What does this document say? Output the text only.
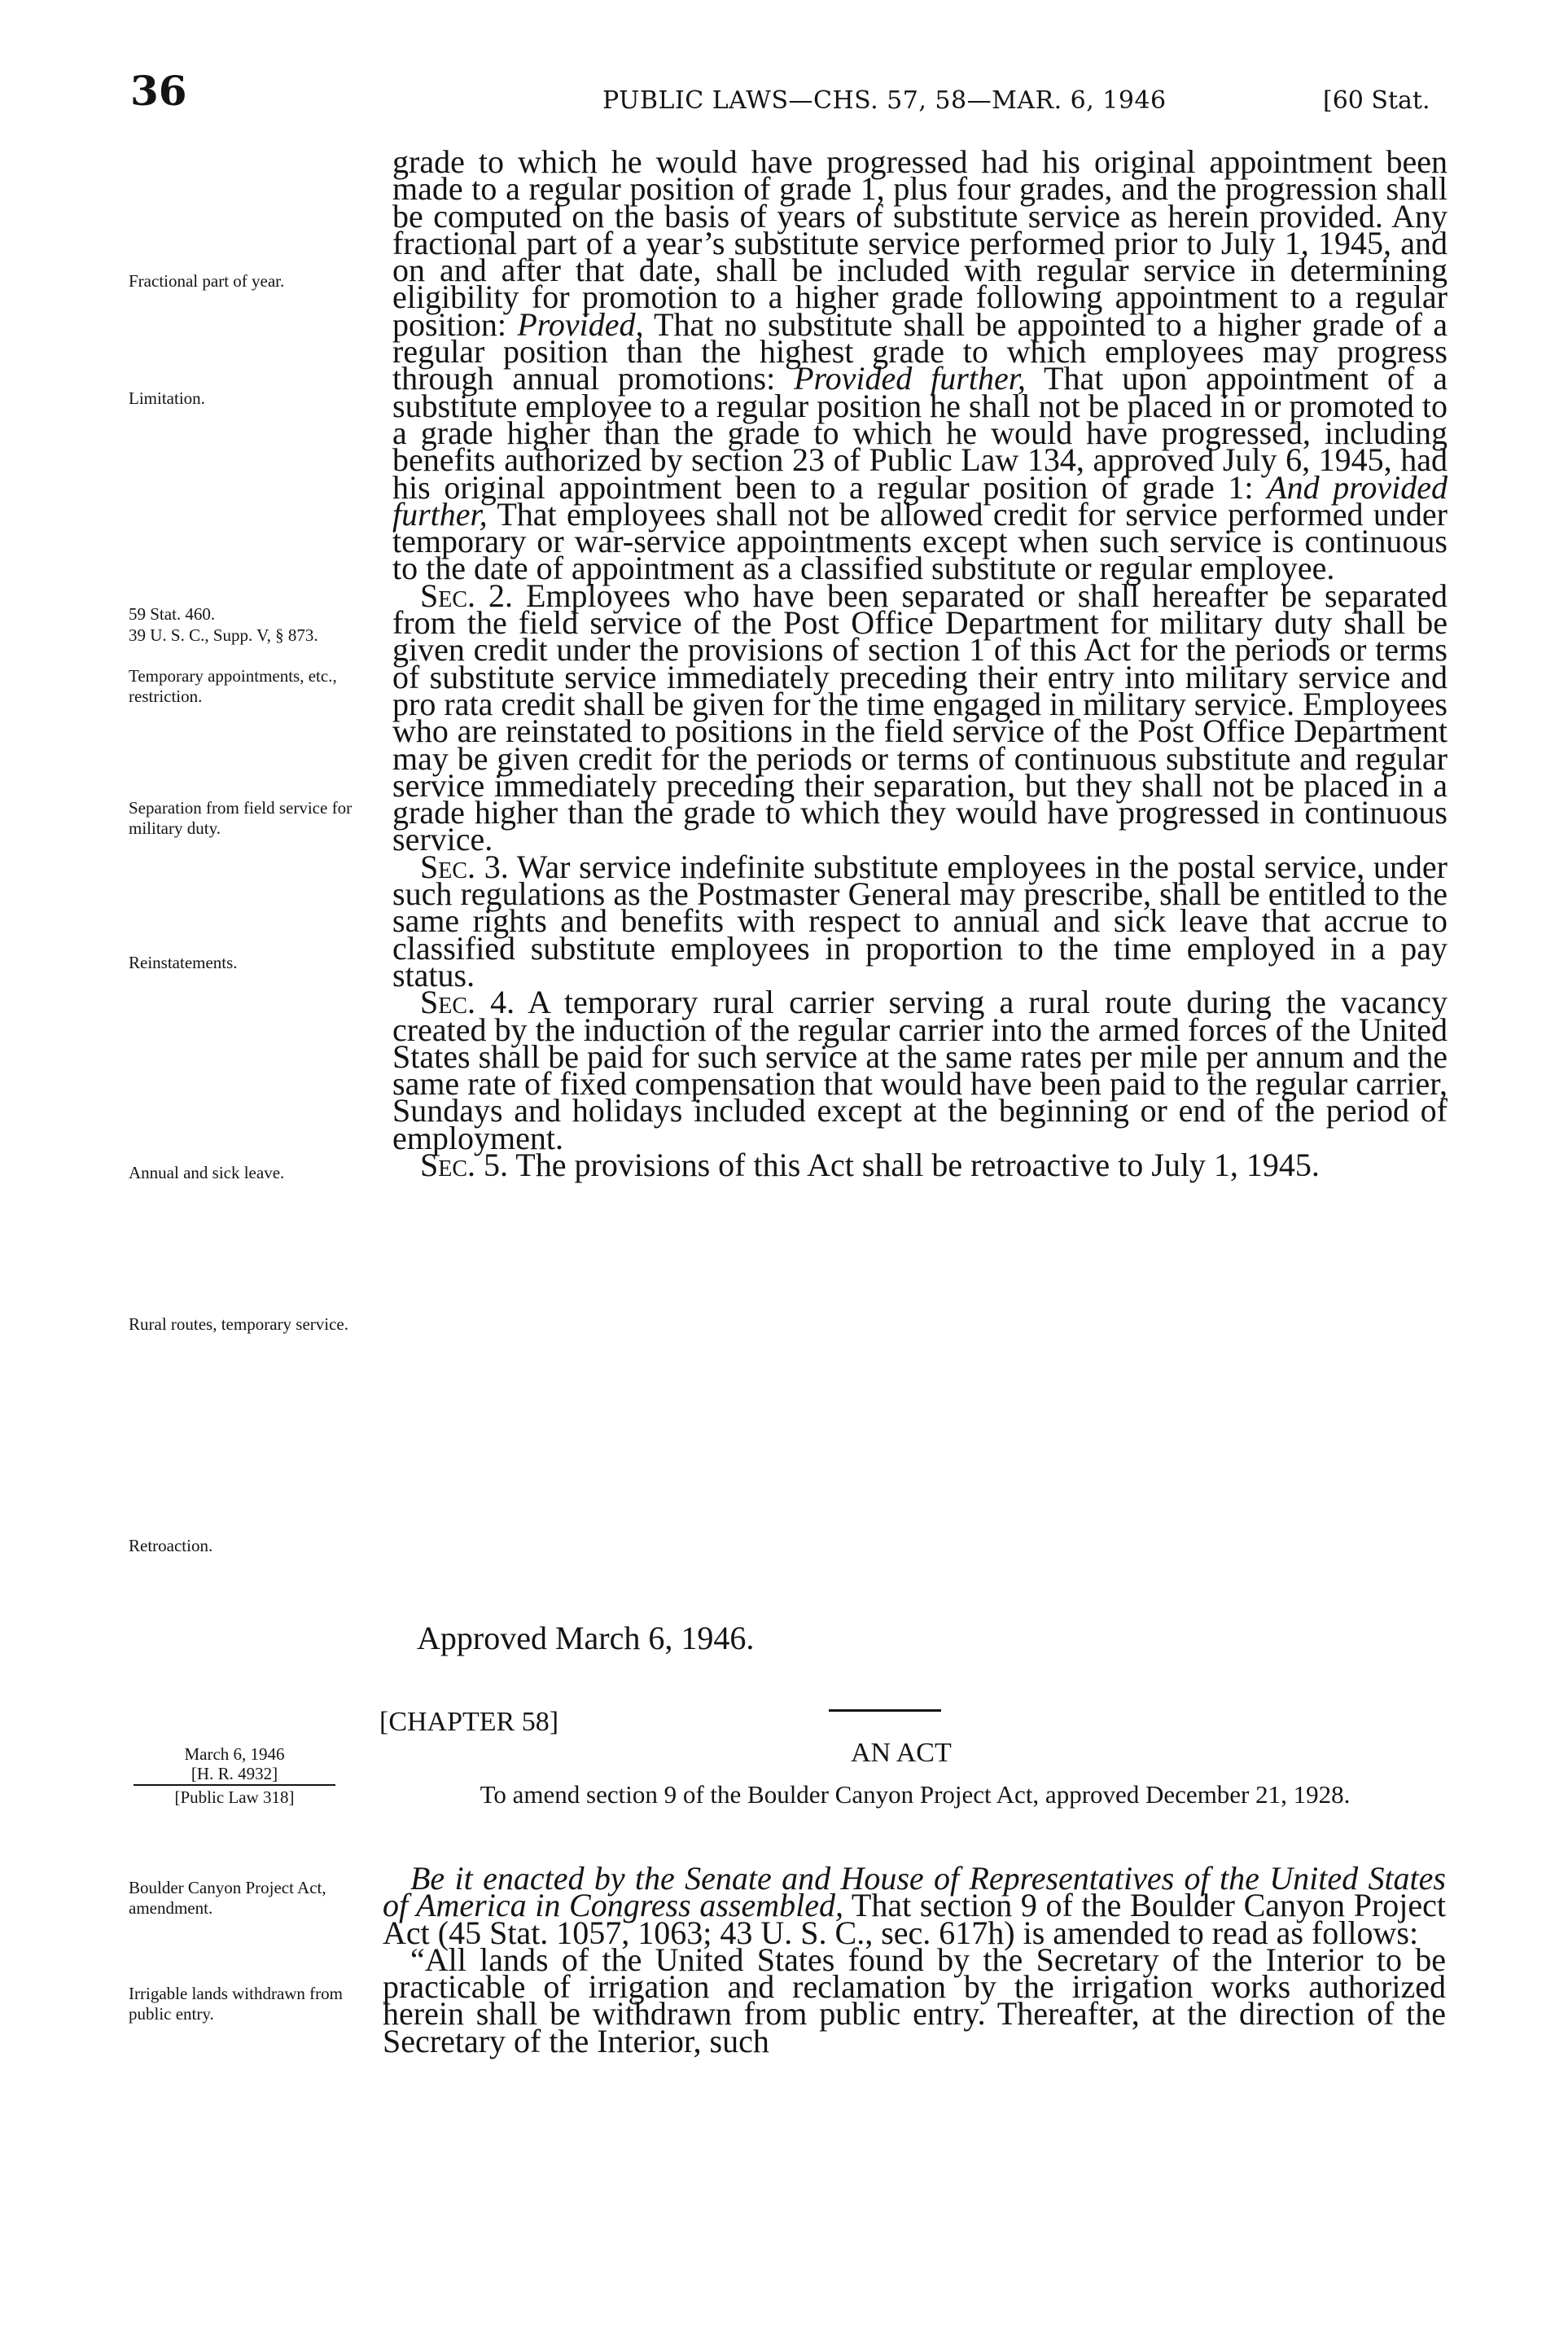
36	PUBLIC LAWS—CHS. 57, 58—MAR. 6, 1946	[60 Stat.
Fractional part of year.
Limitation.
59 Stat. 460.
39 U. S. C., Supp. V, § 873.
Temporary appointments, etc., restriction.
Separation from field service for military duty.
Reinstatements.
Annual and sick leave.
Rural routes, temporary service.
Retroaction.

grade to which he would have progressed had his original appointment been made to a regular position of grade 1, plus four grades, and the progression shall be computed on the basis of years of substitute service as herein provided. Any fractional part of a year’s substitute service performed prior to July 1, 1945, and on and after that date, shall be included with regular service in determining eligibility for promotion to a higher grade following appointment to a regular position: Provided, That no substitute shall be appointed to a higher grade of a regular position than the highest grade to which employees may progress through annual promotions: Provided further, That upon appointment of a substitute employee to a regular position he shall not be placed in or promoted to a grade higher than the grade to which he would have progressed, including benefits authorized by section 23 of Public Law 134, approved July 6, 1945, had his original appointment been to a regular position of grade 1: And provided further, That employees shall not be allowed credit for service performed under temporary or war-service appointments except when such service is continuous to the date of appointment as a classified substitute or regular employee.

Sec. 2. Employees who have been separated or shall hereafter be separated from the field service of the Post Office Department for military duty shall be given credit under the provisions of section 1 of this Act for the periods or terms of substitute service immediately preceding their entry into military service and pro rata credit shall be given for the time engaged in military service. Employees who are reinstated to positions in the field service of the Post Office Department may be given credit for the periods or terms of continuous substitute and regular service immediately preceding their separation, but they shall not be placed in a grade higher than the grade to which they would have progressed in continuous service.

Sec. 3. War service indefinite substitute employees in the postal service, under such regulations as the Postmaster General may prescribe, shall be entitled to the same rights and benefits with respect to annual and sick leave that accrue to classified substitute employees in proportion to the time employed in a pay status.

Sec. 4. A temporary rural carrier serving a rural route during the vacancy created by the induction of the regular carrier into the armed forces of the United States shall be paid for such service at the same rates per mile per annum and the same rate of fixed compensation that would have been paid to the regular carrier, Sundays and holidays included except at the beginning or end of the period of employment.

Sec. 5. The provisions of this Act shall be retroactive to July 1, 1945.

Approved March 6, 1946.
[CHAPTER 58]
AN ACT
March 6, 1946
[H. R. 4932]
[Public Law 318]	To amend section 9 of the Boulder Canyon Project Act, approved December 21, 1928.
Boulder Canyon Project Act, amendment.
Irrigable lands withdrawn from public entry.

Be it enacted by the Senate and House of Representatives of the United States of America in Congress assembled, That section 9 of the Boulder Canyon Project Act (45 Stat. 1057, 1063; 43 U. S. C., sec. 617h) is amended to read as follows:

“All lands of the United States found by the Secretary of the Interior to be practicable of irrigation and reclamation by the irrigation works authorized herein shall be withdrawn from public entry. Thereafter, at the direction of the Secretary of the Interior, such
